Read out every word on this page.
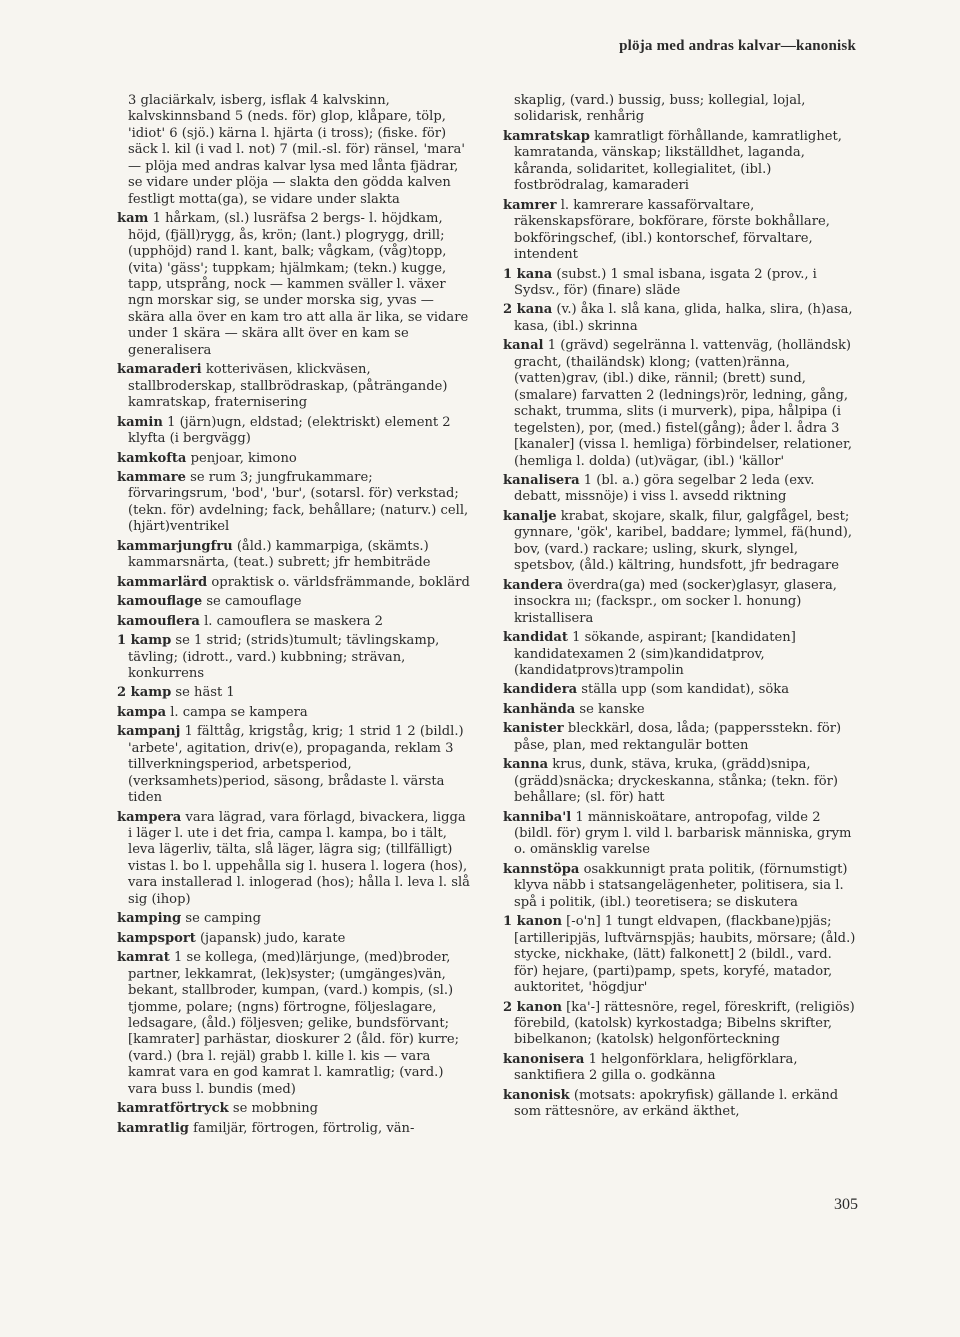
plöja med andras kalvar—kanonisk

3 glaciärkalv, isberg, isflak 4 kalvskinn, kalvskinnsband 5 (neds. för) glop, klåpare, tölp, 'idiot' 6 (sjö.) kärna l. hjärta (i tross); (fiske. för) säck l. kil (i vad l. not) 7 (mil.-sl. för) ränsel, 'mara' — plöja med andras kalvar lysa med lånta fjädrar, se vidare under plöja — slakta den gödda kalven festligt motta(ga), se vidare under slakta

kam 1 hårkam, (sl.) lusräfsa 2 bergs- l. höjdkam, höjd, (fjäll)rygg, ås, krön; (lant.) plogrygg, drill; (upphöjd) rand l. kant, balk; vågkam, (våg)topp, (vita) 'gäss'; tuppkam; hjälmkam; (tekn.) kugge, tapp, utsprång, nock — kammen sväller l. växer ngn morskar sig, se under morska sig, yvas — skära alla över en kam tro att alla är lika, se vidare under 1 skära — skära allt över en kam se generalisera

kamaraderi kotteriväsen, klickväsen, stallbroderskap, stallbrödraskap, (påträngande) kamratskap, fraternisering

kamin 1 (järn)ugn, eldstad; (elektriskt) element 2 klyfta (i bergvägg)

kamkofta penjoar, kimono

kammare se rum 3; jungfrukammare; förvaringsrum, 'bod', 'bur', (sotarsl. för) verkstad; (tekn. för) avdelning; fack, behållare; (naturv.) cell, (hjärt)ventrikel

kammarjungfru (åld.) kammarpiga, (skämts.) kammarsnärta, (teat.) subrett; jfr hembiträde

kammarlärd opraktisk o. världsfrämmande, boklärd

kamouflage se camouflage

kamouflera l. camouflera se maskera 2

1 kamp se 1 strid; (strids)tumult; tävlingskamp, tävling; (idrott., vard.) kubbning; strävan, konkurrens

2 kamp se häst 1

kampa l. campa se kampera

kampanj 1 fälttåg, krigståg, krig; 1 strid 1 2 (bildl.) 'arbete', agitation, driv(e), propaganda, reklam 3 tillverkningsperiod, arbetsperiod, (verksamhets)period, säsong, brådaste l. värsta tiden

kampera vara lägrad, vara förlagd, bivackera, ligga i läger l. ute i det fria, campa l. kampa, bo i tält, leva lägerliv, tälta, slå läger, lägra sig; (tillfälligt) vistas l. bo l. uppehålla sig l. husera l. logera (hos), vara installerad l. inlogerad (hos); hålla l. leva l. slå sig (ihop)

kamping se camping

kampsport (japansk) judo, karate

kamrat 1 se kollega, (med)lärjunge, (med)broder, partner, lekkamrat, (lek)syster; (umgänges)vän, bekant, stallbroder, kumpan, (vard.) kompis, (sl.) tjomme, polare; (ngns) förtrogne, följeslagare, ledsagare, (åld.) följesven; gelike, bundsförvant; [kamrater] parhästar, dioskurer 2 (åld. för) kurre; (vard.) (bra l. rejäl) grabb l. kille l. kis — vara kamrat vara en god kamrat l. kamratlig; (vard.) vara buss l. bundis (med)

kamratförtryck se mobbning

kamratlig familjär, förtrogen, förtrolig, vän-

skaplig, (vard.) bussig, buss; kollegial, lojal, solidarisk, renhårig

kamratskap kamratligt förhållande, kamratlighet, kamratanda, vänskap; likställdhet, laganda, kåranda, solidaritet, kollegialitet, (ibl.) fostbrödralag, kamaraderi

kamrer l. kamrerare kassaförvaltare, räkenskapsförare, bokförare, förste bokhållare, bokföringschef, (ibl.) kontorschef, förvaltare, intendent

1 kana (subst.) 1 smal isbana, isgata 2 (prov., i Sydsv., för) (finare) släde

2 kana (v.) åka l. slå kana, glida, halka, slira, (h)asa, kasa, (ibl.) skrinna

kanal 1 (grävd) segelränna l. vattenväg, (holländsk) gracht, (thailändsk) klong; (vatten)ränna, (vatten)grav, (ibl.) dike, rännil; (brett) sund, (smalare) farvatten 2 (lednings)rör, ledning, gång, schakt, trumma, slits (i murverk), pipa, hålpipa (i tegelsten), por, (med.) fistel(gång); åder l. ådra 3 [kanaler] (vissa l. hemliga) förbindelser, relationer, (hemliga l. dolda) (ut)vägar, (ibl.) 'källor'

kanalisera 1 (bl. a.) göra segelbar 2 leda (exv. debatt, missnöje) i viss l. avsedd riktning

kanalje krabat, skojare, skalk, filur, galgfågel, best; gynnare, 'gök', karibel, baddare; lymmel, fä(hund), bov, (vard.) rackare; usling, skurk, slyngel, spetsbov, (åld.) kältring, hundsfott, jfr bedragare

kandera överdra(ga) med (socker)glasyr, glasera, insockra ııı; (fackspr., om socker l. honung) kristallisera

kandidat 1 sökande, aspirant; [kandidaten] kandidatexamen 2 (sim)kandidatprov, (kandidatprovs)trampolin

kandidera ställa upp (som kandidat), söka

kanhända se kanske

kanister bleckkärl, dosa, låda; (pappersstekn. för) påse, plan, med rektangulär botten

kanna krus, dunk, stäva, kruka, (grädd)snipa, (grädd)snäcka; dryckeskanna, stånka; (tekn. för) behållare; (sl. för) hatt

kanniba'l 1 människoätare, antropofag, vilde 2 (bildl. för) grym l. vild l. barbarisk människa, grym o. omänsklig varelse

kannstöpa osakkunnigt prata politik, (förnumstigt) klyva näbb i statsangelägenheter, politisera, sia l. spå i politik, (ibl.) teoretisera; se diskutera

1 kanon [-o'n] 1 tungt eldvapen, (flackbane)pjäs; [artilleripjäs, luftvärnspjäs; haubits, mörsare; (åld.) stycke, nickhake, (lätt) falkonett] 2 (bildl., vard. för) hejare, (parti)pamp, spets, koryfé, matador, auktoritet, 'högdjur'

2 kanon [ka'-] rättesnöre, regel, föreskrift, (religiös) förebild, (katolsk) kyrkostadga; Bibelns skrifter, bibelkanon; (katolsk) helgonförteckning

kanonisera 1 helgonförklara, heligförklara, sanktifiera 2 gilla o. godkänna

kanonisk (motsats: apokryfisk) gällande l. erkänd som rättesnöre, av erkänd äkthet,

305
